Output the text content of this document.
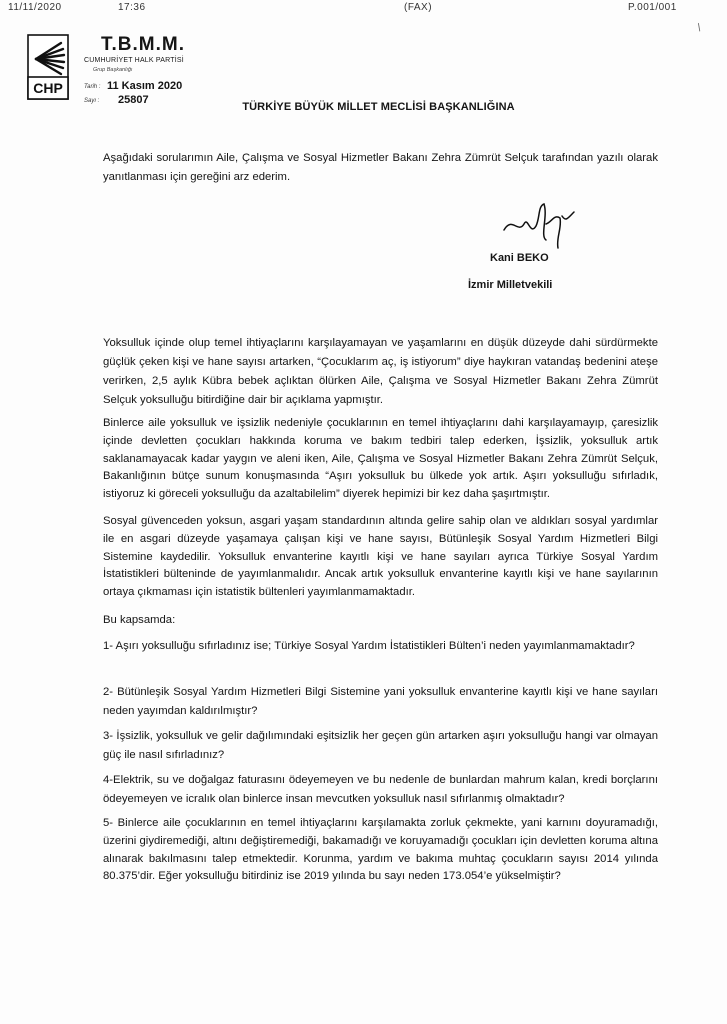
11/11/2020	17:36	(FAX)	P.001/001
/
CHP
T.B.M.M.
CUMHURİYET HALK PARTİSİ
Grup Başkanlığı
Tarih : 11 Kasım 2020
Sayı : 25807
TÜRKİYE BÜYÜK MİLLET MECLİSİ BAŞKANLIĞINA
Aşağıdaki sorularımın Aile, Çalışma ve Sosyal Hizmetler Bakanı Zehra Zümrüt Selçuk tarafından yazılı olarak yanıtlanması için gereğini arz ederim.
Kani BEKO
İzmir Milletvekili
Yoksulluk içinde olup temel ihtiyaçlarını karşılayamayan ve yaşamlarını en düşük düzeyde dahi sürdürmekte güçlük çeken kişi ve hane sayısı artarken, “Çocuklarım aç, iş istiyorum” diye haykıran vatandaş bedenini ateşe verirken, 2,5 aylık Kübra bebek açlıktan ölürken Aile, Çalışma ve Sosyal Hizmetler Bakanı Zehra Zümrüt Selçuk yoksulluğu bitirdiğine dair bir açıklama yapmıştır.
Binlerce aile yoksulluk ve işsizlik nedeniyle çocuklarının en temel ihtiyaçlarını dahi karşılayamayıp, çaresizlik içinde devletten çocukları hakkında koruma ve bakım tedbiri talep ederken, İşsizlik, yoksulluk artık saklanamayacak kadar yaygın ve aleni iken, Aile, Çalışma ve Sosyal Hizmetler Bakanı Zehra Zümrüt Selçuk, Bakanlığının bütçe sunum konuşmasında “Aşırı yoksulluk bu ülkede yok artık. Aşırı yoksulluğu sıfırladık, istiyoruz ki göreceli yoksulluğu da azaltabilelim” diyerek hepimizi bir kez daha şaşırtmıştır.
Sosyal güvenceden yoksun, asgari yaşam standardının altında gelire sahip olan ve aldıkları sosyal yardımlar ile en asgari düzeyde yaşamaya çalışan kişi ve hane sayısı, Bütünleşik Sosyal Yardım Hizmetleri Bilgi Sistemine kaydedilir. Yoksulluk envanterine kayıtlı kişi ve hane sayıları ayrıca Türkiye Sosyal Yardım İstatistikleri bülteninde de yayımlanmalıdır. Ancak artık yoksulluk envanterine kayıtlı kişi ve hane sayılarının ortaya çıkmaması için istatistik bültenleri yayımlanmamaktadır.
Bu kapsamda:
1- Aşırı yoksulluğu sıfırladınız ise; Türkiye Sosyal Yardım İstatistikleri Bülten’i neden yayımlanmamaktadır?
2- Bütünleşik Sosyal Yardım Hizmetleri Bilgi Sistemine yani yoksulluk envanterine kayıtlı kişi ve hane sayıları neden yayımdan kaldırılmıştır?
3- İşsizlik, yoksulluk ve gelir dağılımındaki eşitsizlik her geçen gün artarken aşırı yoksulluğu hangi var olmayan güç ile nasıl sıfırladınız?
4-Elektrik, su ve doğalgaz faturasını ödeyemeyen ve bu nedenle de bunlardan mahrum kalan, kredi borçlarını ödeyemeyen ve icralık olan binlerce insan mevcutken yoksulluk nasıl sıfırlanmış olmaktadır?
5- Binlerce aile çocuklarının en temel ihtiyaçlarını karşılamakta zorluk çekmekte, yani karnını doyuramadığı, üzerini giydiremediği, altını değiştiremediği, bakamadığı ve koruyamadığı çocukları için devletten koruma altına alınarak bakılmasını talep etmektedir. Korunma, yardım ve bakıma muhtaç çocukların sayısı 2014 yılında 80.375’dir. Eğer yoksulluğu bitirdiniz ise 2019 yılında bu sayı neden 173.054’e yükselmiştir?
